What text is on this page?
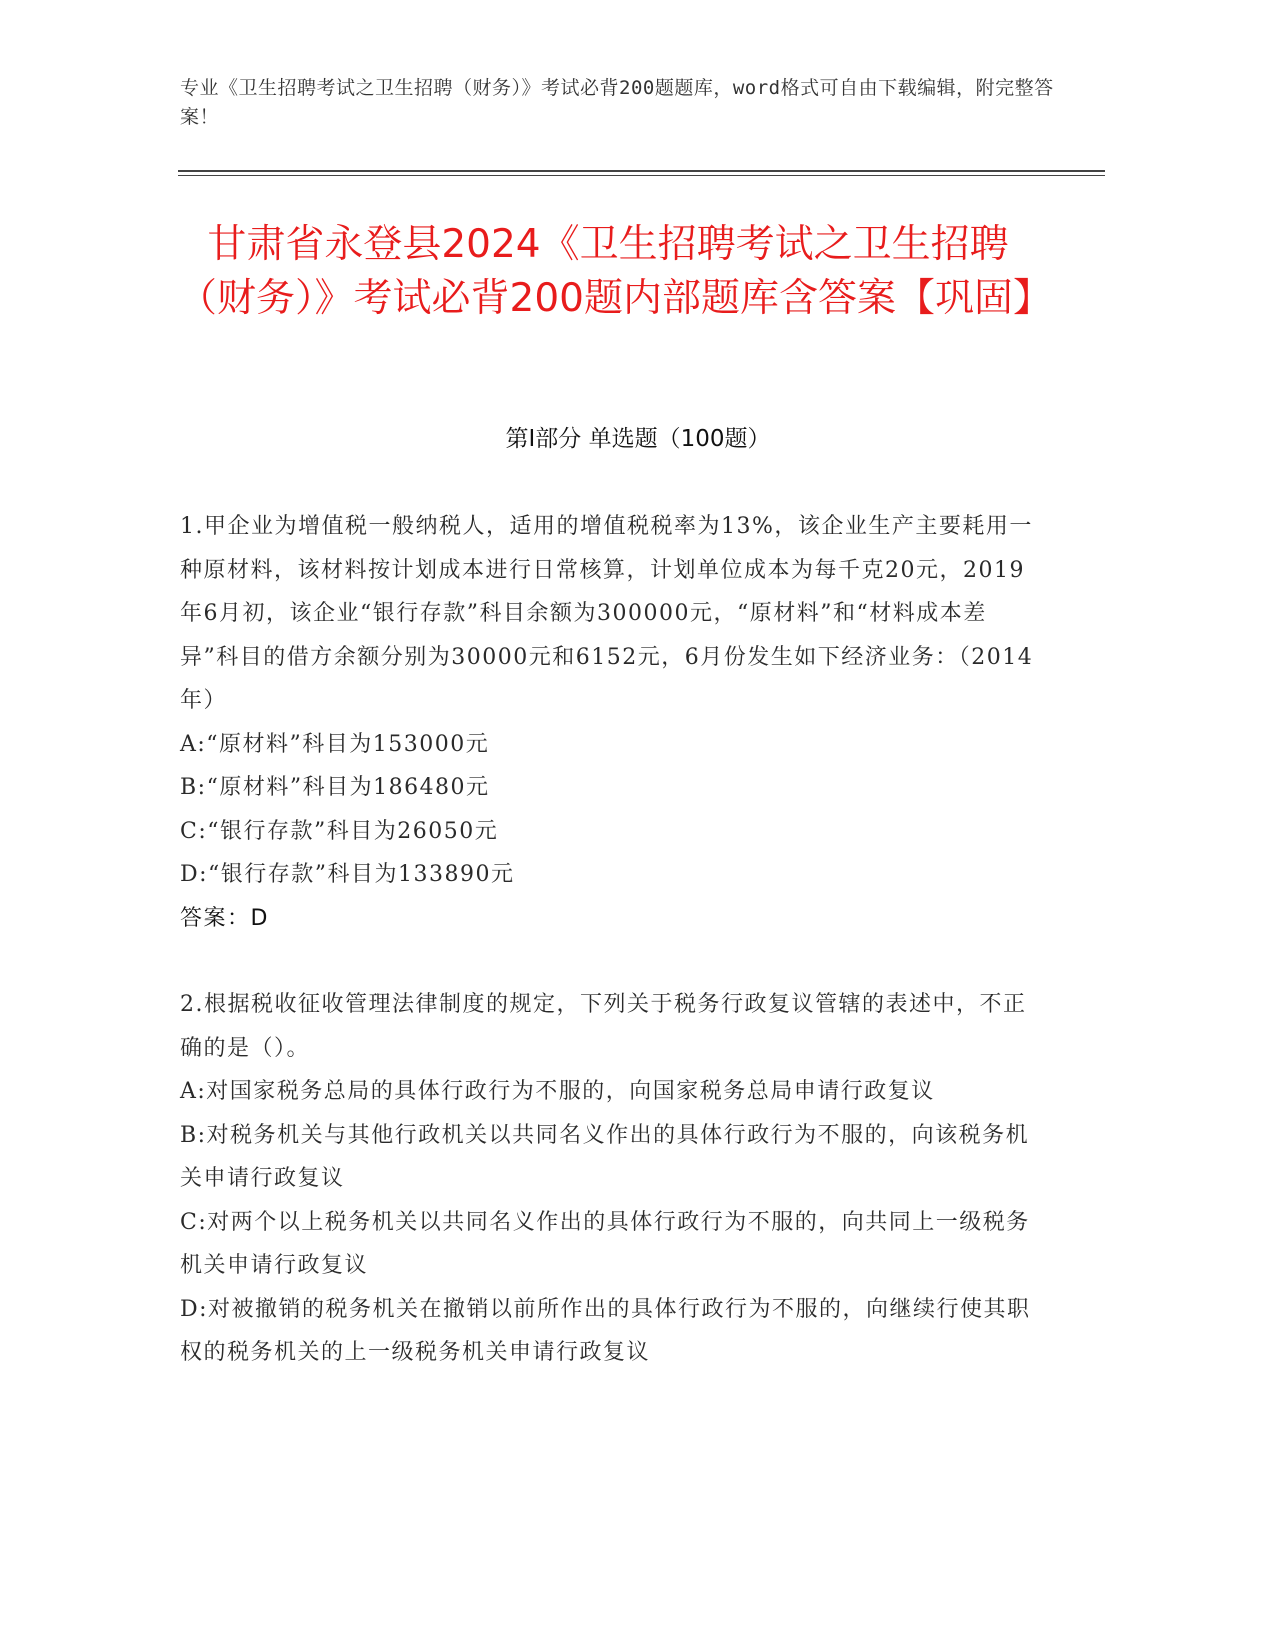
专业《卫生招聘考试之卫生招聘（财务）》考试必背200题题库，word格式可自由下载编辑，附完整答案！
甘肃省永登县2024《卫生招聘考试之卫生招聘（财务）》考试必背200题内部题库含答案【巩固】
第I部分 单选题（100题）

1.甲企业为增值税一般纳税人，适用的增值税税率为13%，该企业生产主要耗用一种原材料，该材料按计划成本进行日常核算，计划单位成本为每千克20元，2019年6月初，该企业“银行存款”科目余额为300000元，“原材料”和“材料成本差异”科目的借方余额分别为30000元和6152元，6月份发生如下经济业务：（2014年）

A:“原材料”科目为153000元

B:“原材料”科目为186480元

C:“银行存款”科目为26050元

D:“银行存款”科目为133890元

答案：D

2.根据税收征收管理法律制度的规定，下列关于税务行政复议管辖的表述中，不正确的是（）。

A:对国家税务总局的具体行政行为不服的，向国家税务总局申请行政复议

B:对税务机关与其他行政机关以共同名义作出的具体行政行为不服的，向该税务机关申请行政复议

C:对两个以上税务机关以共同名义作出的具体行政行为不服的，向共同上一级税务机关申请行政复议

D:对被撤销的税务机关在撤销以前所作出的具体行政行为不服的，向继续行使其职权的税务机关的上一级税务机关申请行政复议
